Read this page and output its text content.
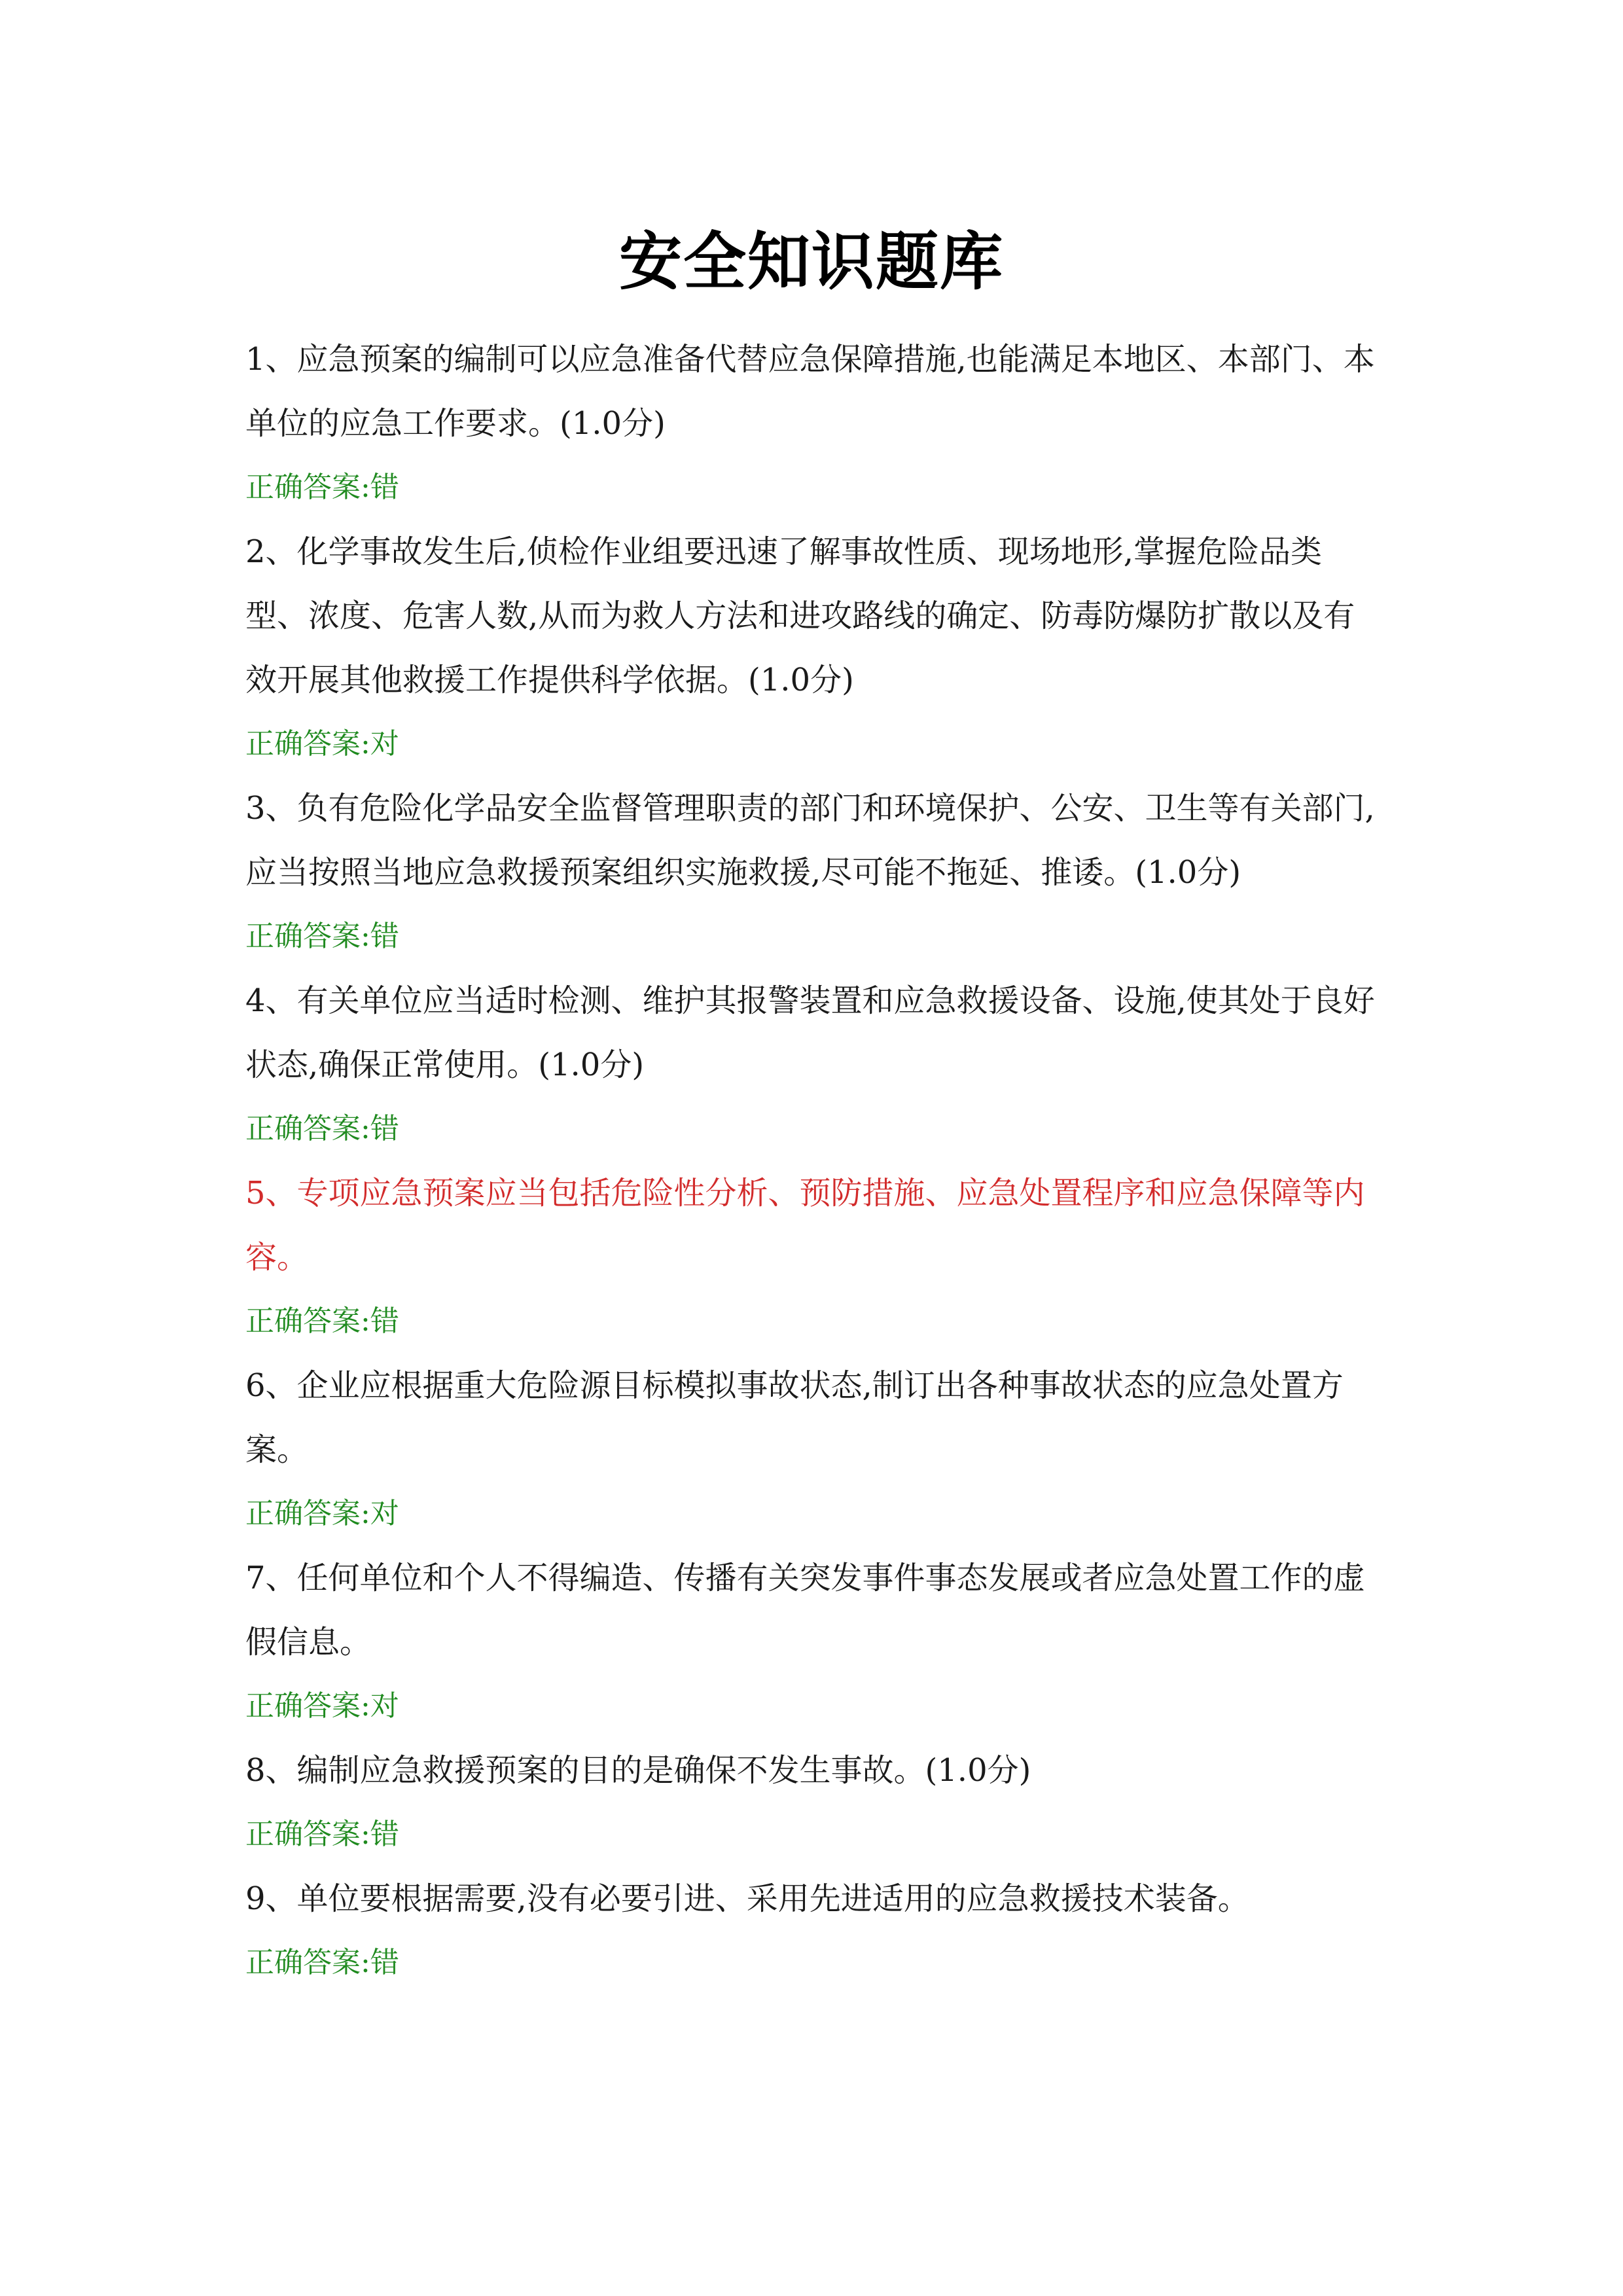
安全知识题库

1、应急预案的编制可以应急准备代替应急保障措施,也能满足本地区、本部门、本单位的应急工作要求。(1.0分)

正确答案:错

2、化学事故发生后,侦检作业组要迅速了解事故性质、现场地形,掌握危险品类型、浓度、危害人数,从而为救人方法和进攻路线的确定、防毒防爆防扩散以及有效开展其他救援工作提供科学依据。(1.0分)

正确答案:对

3、负有危险化学品安全监督管理职责的部门和环境保护、公安、卫生等有关部门,应当按照当地应急救援预案组织实施救援,尽可能不拖延、推诿。(1.0分)

正确答案:错

4、有关单位应当适时检测、维护其报警装置和应急救援设备、设施,使其处于良好状态,确保正常使用。(1.0分)

正确答案:错

5、专项应急预案应当包括危险性分析、预防措施、应急处置程序和应急保障等内容。

正确答案:错

6、企业应根据重大危险源目标模拟事故状态,制订出各种事故状态的应急处置方案。

正确答案:对

7、任何单位和个人不得编造、传播有关突发事件事态发展或者应急处置工作的虚假信息。

正确答案:对

8、编制应急救援预案的目的是确保不发生事故。(1.0分)

正确答案:错

9、单位要根据需要,没有必要引进、采用先进适用的应急救援技术装备。

正确答案:错
